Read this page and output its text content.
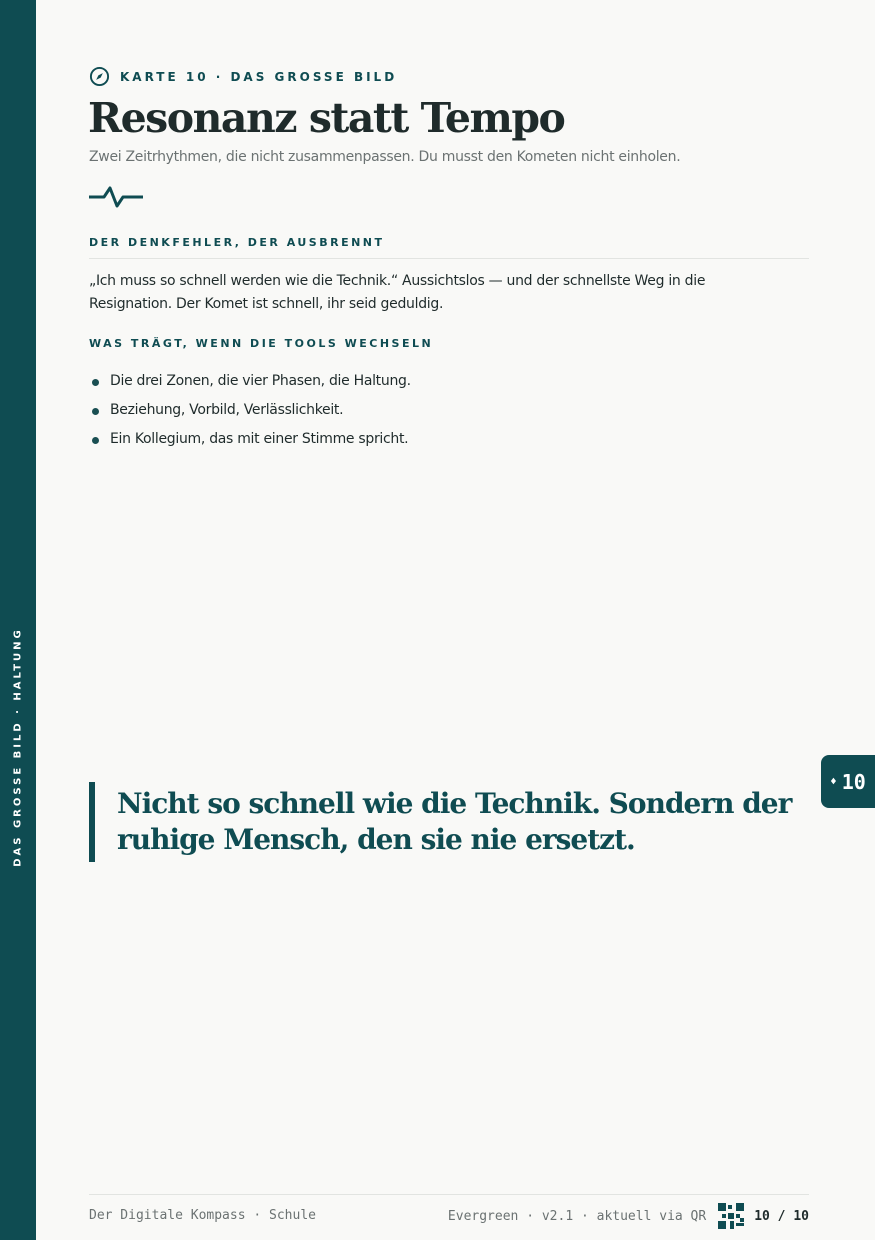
DAS GROSSE BILD · HALTUNG
KARTE 10 · DAS GROSSE BILD
Resonanz statt Tempo
Zwei Zeitrhythmen, die nicht zusammenpassen. Du musst den Kometen nicht einholen.
DER DENKFEHLER, DER AUSBRENNT

„Ich muss so schnell werden wie die Technik.“ Aussichtslos — und der schnellste Weg in die Resignation. Der Komet ist schnell, ihr seid geduldig.

WAS TRÄGT, WENN DIE TOOLS WECHSELN
Die drei Zonen, die vier Phasen, die Haltung.
Beziehung, Vorbild, Verlässlichkeit.
Ein Kollegium, das mit einer Stimme spricht.
♦ 10
Nicht so schnell wie die Technik. Sondern der ruhige Mensch, den sie nie ersetzt.
Der Digitale Kompass · Schule	Evergreen · v2.1 · aktuell via QR	10 / 10
